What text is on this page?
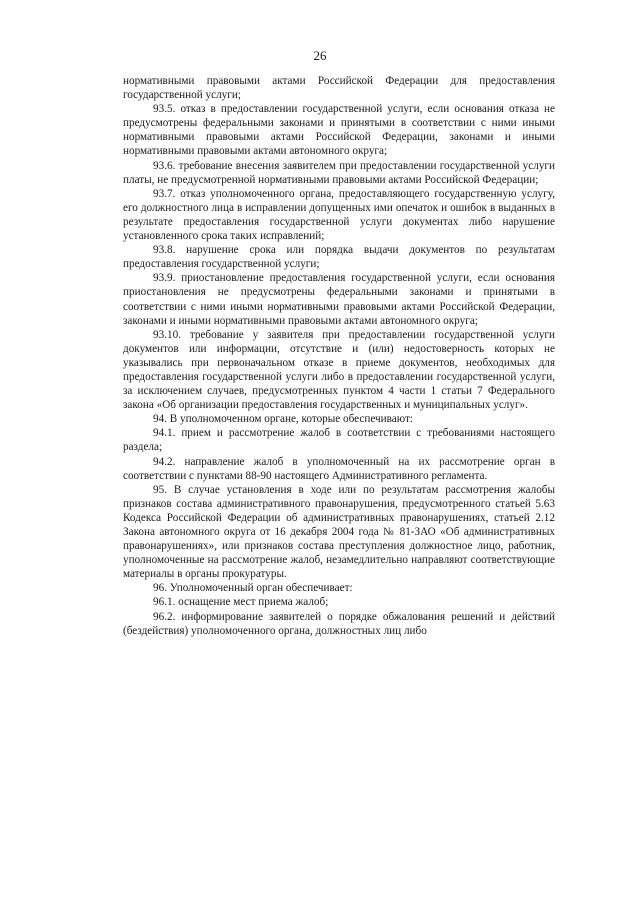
26

нормативными правовыми актами Российской Федерации для предоставления государственной услуги;

93.5. отказ в предоставлении государственной услуги, если основания отказа не предусмотрены федеральными законами и принятыми в соответствии с ними иными нормативными правовыми актами Российской Федерации, законами и иными нормативными правовыми актами автономного округа;

93.6. требование внесения заявителем при предоставлении государственной услуги платы, не предусмотренной нормативными правовыми актами Российской Федерации;

93.7. отказ уполномоченного органа, предоставляющего государственную услугу, его должностного лица в исправлении допущенных ими опечаток и ошибок в выданных в результате предоставления государственной услуги документах либо нарушение установленного срока таких исправлений;

93.8. нарушение срока или порядка выдачи документов по результатам предоставления государственной услуги;

93.9. приостановление предоставления государственной услуги, если основания приостановления не предусмотрены федеральными законами и принятыми в соответствии с ними иными нормативными правовыми актами Российской Федерации, законами и иными нормативными правовыми актами автономного округа;

93.10. требование у заявителя при предоставлении государственной услуги документов или информации, отсутствие и (или) недостоверность которых не указывались при первоначальном отказе в приеме документов, необходимых для предоставления государственной услуги либо в предоставлении государственной услуги, за исключением случаев, предусмотренных пунктом 4 части 1 статьи 7 Федерального закона «Об организации предоставления государственных и муниципальных услуг».

94. В уполномоченном органе, которые обеспечивают:

94.1. прием и рассмотрение жалоб в соответствии с требованиями настоящего раздела;

94.2. направление жалоб в уполномоченный на их рассмотрение орган в соответствии с пунктами 88-90 настоящего Административного регламента.

95. В случае установления в ходе или по результатам рассмотрения жалобы признаков состава административного правонарушения, предусмотренного статьей 5.63 Кодекса Российской Федерации об административных правонарушениях, статьей 2.12 Закона автономного округа от 16 декабря 2004 года № 81-ЗАО «Об административных правонарушениях», или признаков состава преступления должностное лицо, работник, уполномоченные на рассмотрение жалоб, незамедлительно направляют соответствующие материалы в органы прокуратуры.

96. Уполномоченный орган обеспечивает:

96.1. оснащение мест приема жалоб;

96.2. информирование заявителей о порядке обжалования решений и действий (бездействия) уполномоченного органа, должностных лиц либо
